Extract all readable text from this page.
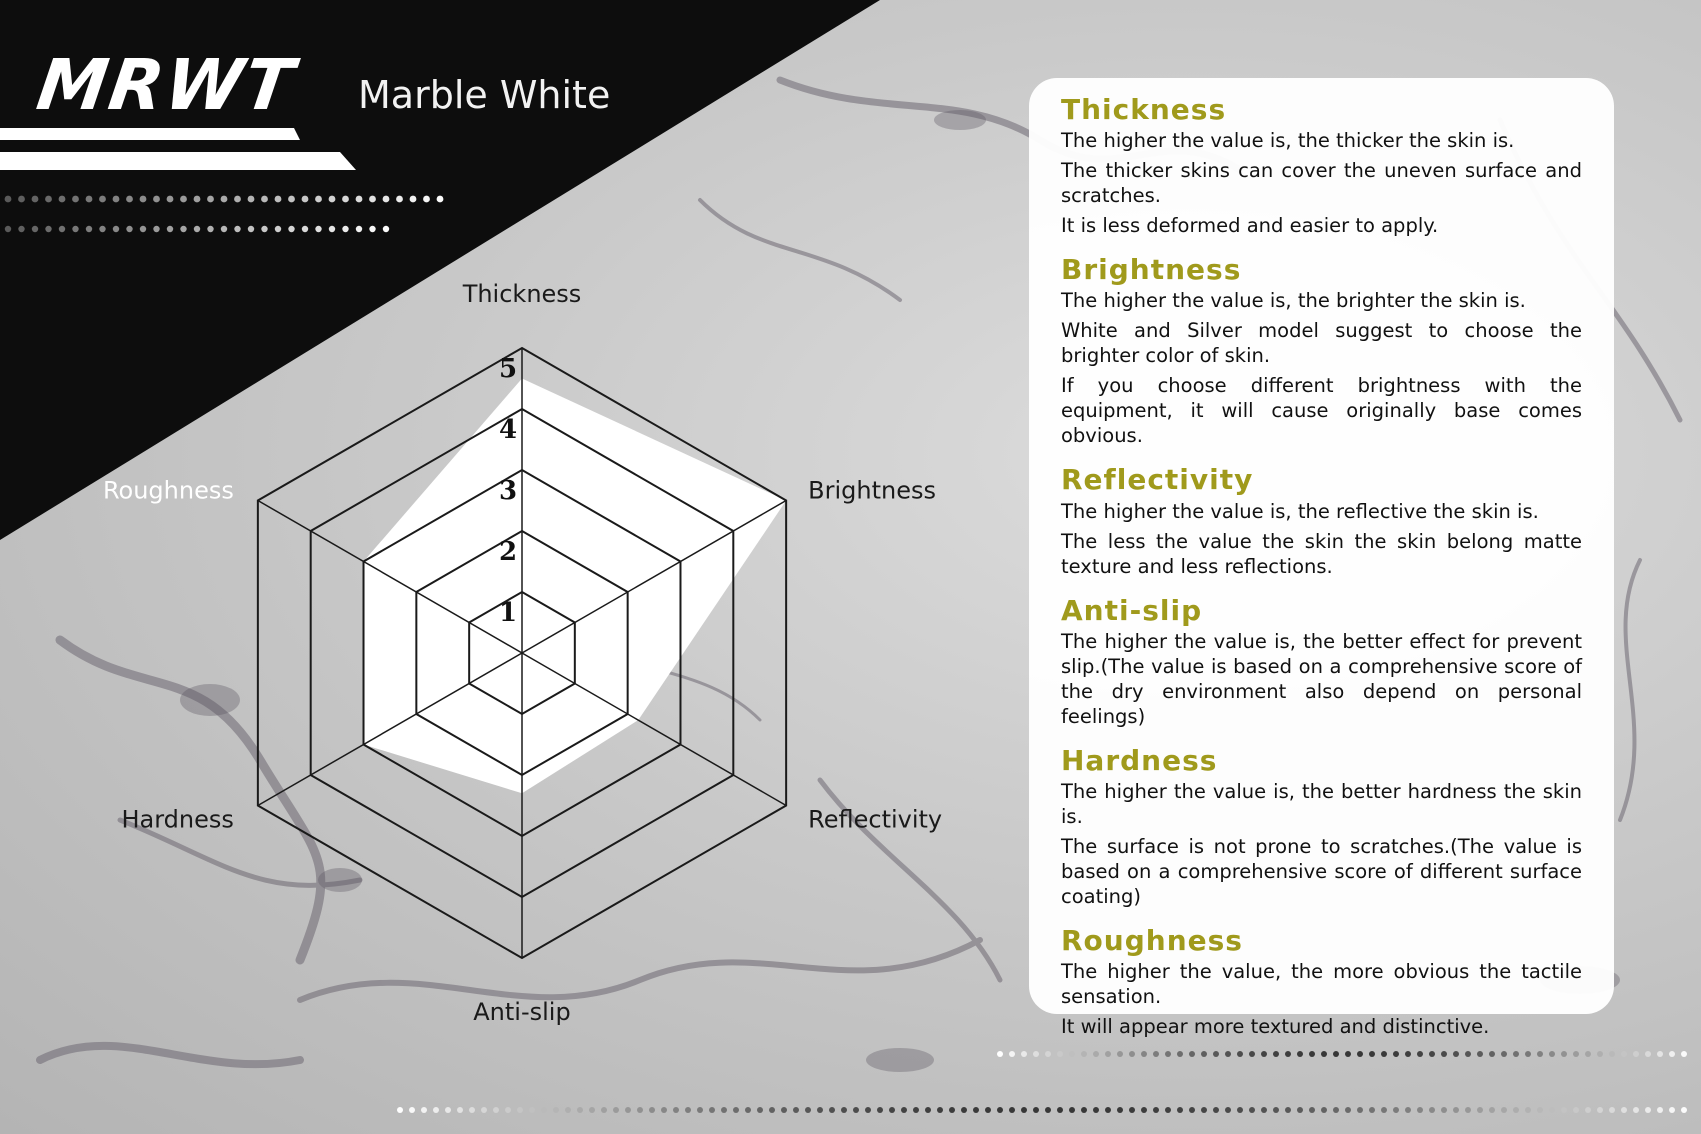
MRWT Marble White
1
2
3
4
5
Thickness
Brightness
Reflectivity
Anti-slip
Hardness
Roughness
Thickness

The higher the value is, the thicker the skin is.

The thicker skins can cover the uneven surface and scratches.

It is less deformed and easier to apply.

Brightness

The higher the value is, the brighter the skin is.

White and Silver model suggest to choose the brighter color of skin.

If you choose different brightness with the equipment, it will cause originally base comes obvious.

Reflectivity

The higher the value is, the reflective the skin is.

The less the value the skin the skin belong matte texture and less reflections.

Anti-slip

The higher the value is, the better effect for prevent slip.(The value is based on a comprehensive score of the dry environment also depend on personal feelings)

Hardness

The higher the value is, the better hardness the skin is.

The surface is not prone to scratches.(The value is based on a comprehensive score of different surface coating)

Roughness

The higher the value, the more obvious the tactile sensation.

It will appear more textured and distinctive.
